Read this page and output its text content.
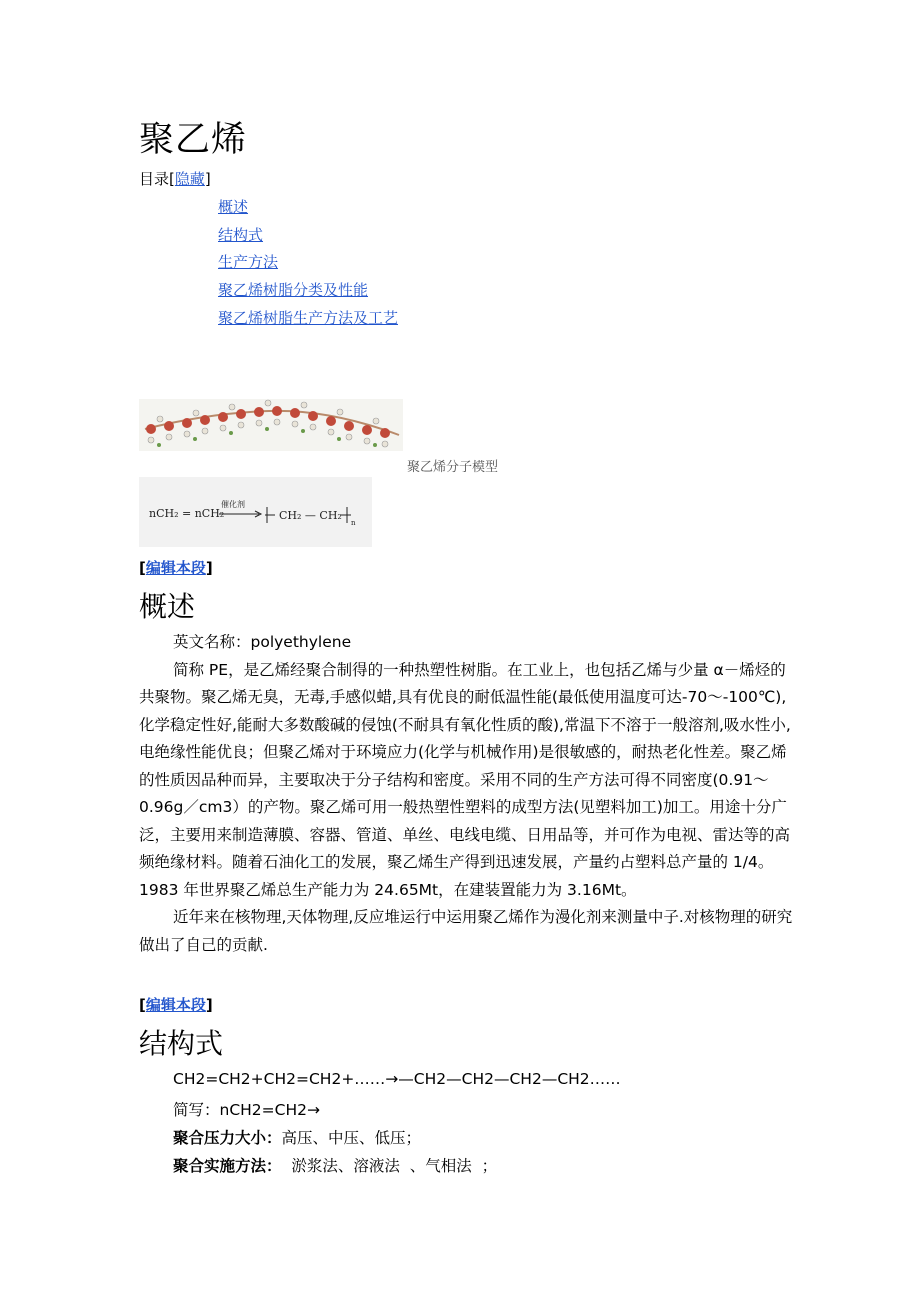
聚乙烯
目录[隐藏]
概述
结构式
生产方法
聚乙烯树脂分类及性能
聚乙烯树脂生产方法及工艺
聚乙烯分子模型
nCH₂ = nCH₂
催化剂
CH₂ — CH₂
n
[编辑本段]
概述

英文名称：polyethylene

简称 PE，是乙烯经聚合制得的一种热塑性树脂。在工业上，也包括乙烯与少量 α－烯烃的共聚物。聚乙烯无臭，无毒,手感似蜡,具有优良的耐低温性能(最低使用温度可达-70～-100℃),化学稳定性好,能耐大多数酸碱的侵蚀(不耐具有氧化性质的酸),常温下不溶于一般溶剂,吸水性小,电绝缘性能优良；但聚乙烯对于环境应力(化学与机械作用)是很敏感的，耐热老化性差。聚乙烯的性质因品种而异，主要取决于分子结构和密度。采用不同的生产方法可得不同密度(0.91～0.96g／cm3）的产物。聚乙烯可用一般热塑性塑料的成型方法(见塑料加工)加工。用途十分广泛，主要用来制造薄膜、容器、管道、单丝、电线电缆、日用品等，并可作为电视、雷达等的高频绝缘材料。随着石油化工的发展，聚乙烯生产得到迅速发展，产量约占塑料总产量的 1/4。1983 年世界聚乙烯总生产能力为 24.65Mt，在建装置能力为 3.16Mt。

近年来在核物理,天体物理,反应堆运行中运用聚乙烯作为漫化剂来测量中子.对核物理的研究做出了自己的贡献.

[编辑本段]
结构式
CH2=CH2+CH2=CH2+……→—CH2—CH2—CH2—CH2……
简写：nCH2=CH2→
聚合压力大小：高压、中压、低压；
聚合实施方法：  淤浆法、溶液法  、气相法  ；
